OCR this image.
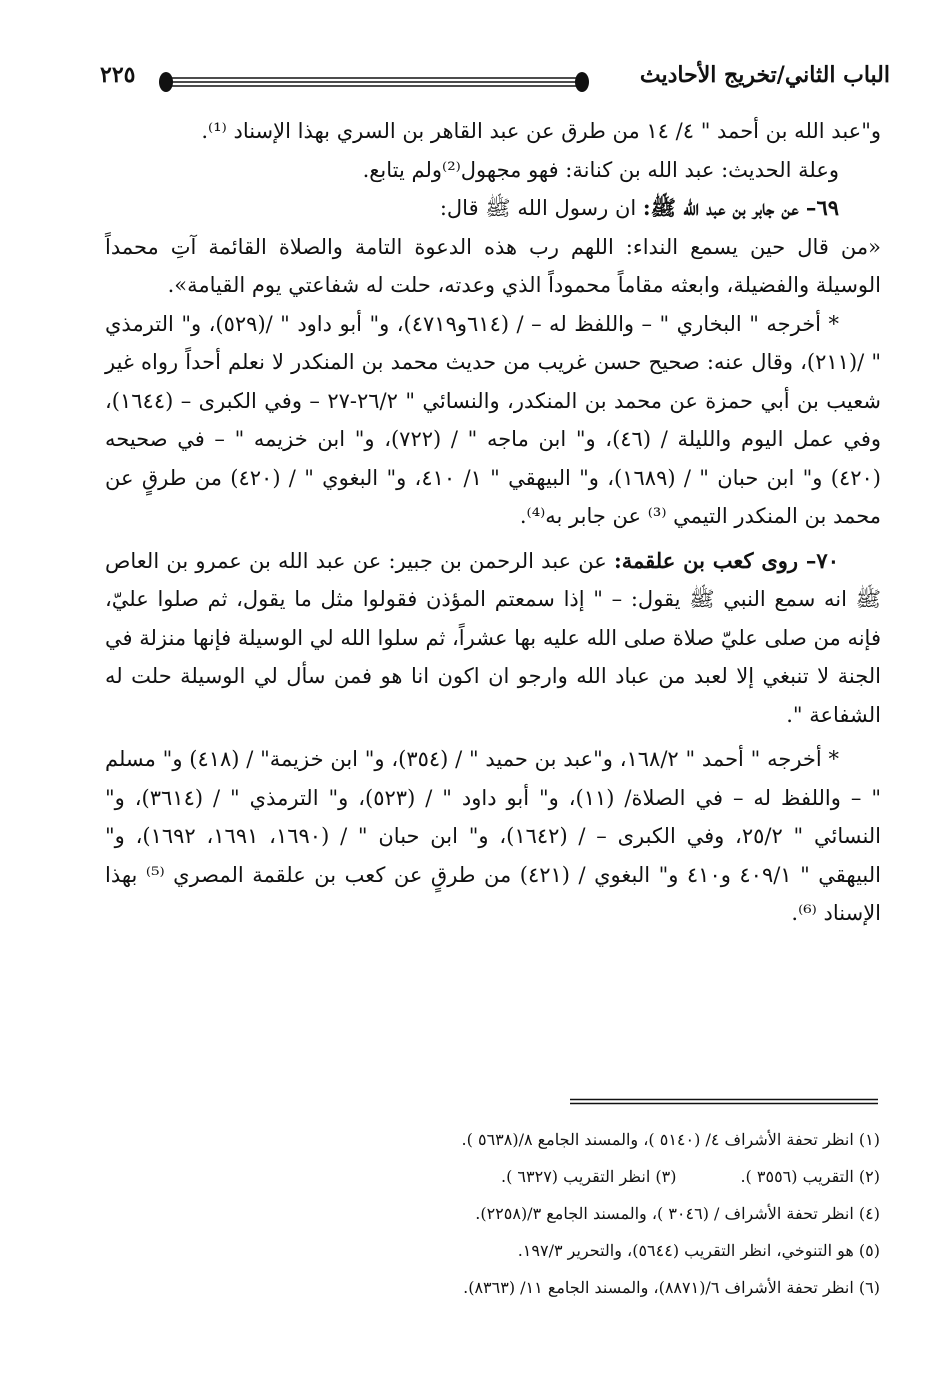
٢٢٥	الباب الثاني/تخريج الأحاديث

و"عبد الله بن أحمد " ٤/ ١٤ من طرق عن عبد القاهر بن السري بهذا الإسناد ⁽¹⁾.

وعلة الحديث: عبد الله بن كنانة: فهو مجهول⁽²⁾ولم يتابع.

٦٩– عن جابر بن عبد الله ﷺ: ان رسول الله ﷺ قال:

«من قال حين يسمع النداء: اللهم رب هذه الدعوة التامة والصلاة القائمة آتِ محمداً الوسيلة والفضيلة، وابعثه مقاماً محموداً الذي وعدته، حلت له شفاعتي يوم القيامة».

* أخرجه " البخاري " – واللفظ له – / (٦١٤و٤٧١٩)، و" أبو داود " /(٥٢٩)، و" الترمذي " /(٢١١)، وقال عنه: صحيح حسن غريب من حديث محمد بن المنكدر لا نعلم أحداً رواه غير شعيب بن أبي حمزة عن محمد بن المنكدر، والنسائي " ٢٦/٢-٢٧ – وفي الكبرى – (١٦٤٤)، وفي عمل اليوم والليلة / (٤٦)، و" ابن ماجه " / (٧٢٢)، و" ابن خزيمه " – في صحيحه (٤٢٠) و" ابن حبان " / (١٦٨٩)، و" البيهقي " ١/ ٤١٠، و" البغوي " / (٤٢٠) من طرقٍ عن محمد بن المنكدر التيمي ⁽³⁾ عن جابر به⁽⁴⁾.

٧٠– روى كعب بن علقمة: عن عبد الرحمن بن جبير: عن عبد الله بن عمرو بن العاص ﷺ انه سمع النبي ﷺ يقول: – " إذا سمعتم المؤذن فقولوا مثل ما يقول، ثم صلوا عليّ، فإنه من صلى عليّ صلاة صلى الله عليه بها عشراً، ثم سلوا الله لي الوسيلة فإنها منزلة في الجنة لا تنبغي إلا لعبد من عباد الله وارجو ان اكون انا هو فمن سأل لي الوسيلة حلت له الشفاعة ".

* أخرجه " أحمد " ١٦٨/٢، و"عبد بن حميد " / (٣٥٤)، و" ابن خزيمة" / (٤١٨) و" مسلم " – واللفظ له – في الصلاة/ (١١)، و" أبو داود " / (٥٢٣)، و" الترمذي " / (٣٦١٤)، و" النسائي " ٢٥/٢، وفي الكبرى – / (١٦٤٢)، و" ابن حبان " / (١٦٩٠، ١٦٩١، ١٦٩٢)، و" البيهقي " ٤٠٩/١ و٤١٠ و" البغوي / (٤٢١) من طرقٍ عن كعب بن علقمة المصري ⁽⁵⁾ بهذا الإسناد ⁽⁶⁾.

(١) انظر تحفة الأشراف ٤/ (٥١٤٠ )، والمسند الجامع ٨/(٥٦٣٨ ).
(٢) التقريب (٣٥٥٦ ).(٣) انظر التقريب (٦٣٢٧ ).
(٤) انظر تحفة الأشراف / (٣٠٤٦ )، والمسند الجامع ٣/(٢٢٥٨).
(٥) هو التنوخي، انظر التقريب (٥٦٤٤)، والتحرير ١٩٧/٣.
(٦) انظر تحفة الأشراف ٦/(٨٨٧١)، والمسند الجامع ١١/ (٨٣٦٣).
